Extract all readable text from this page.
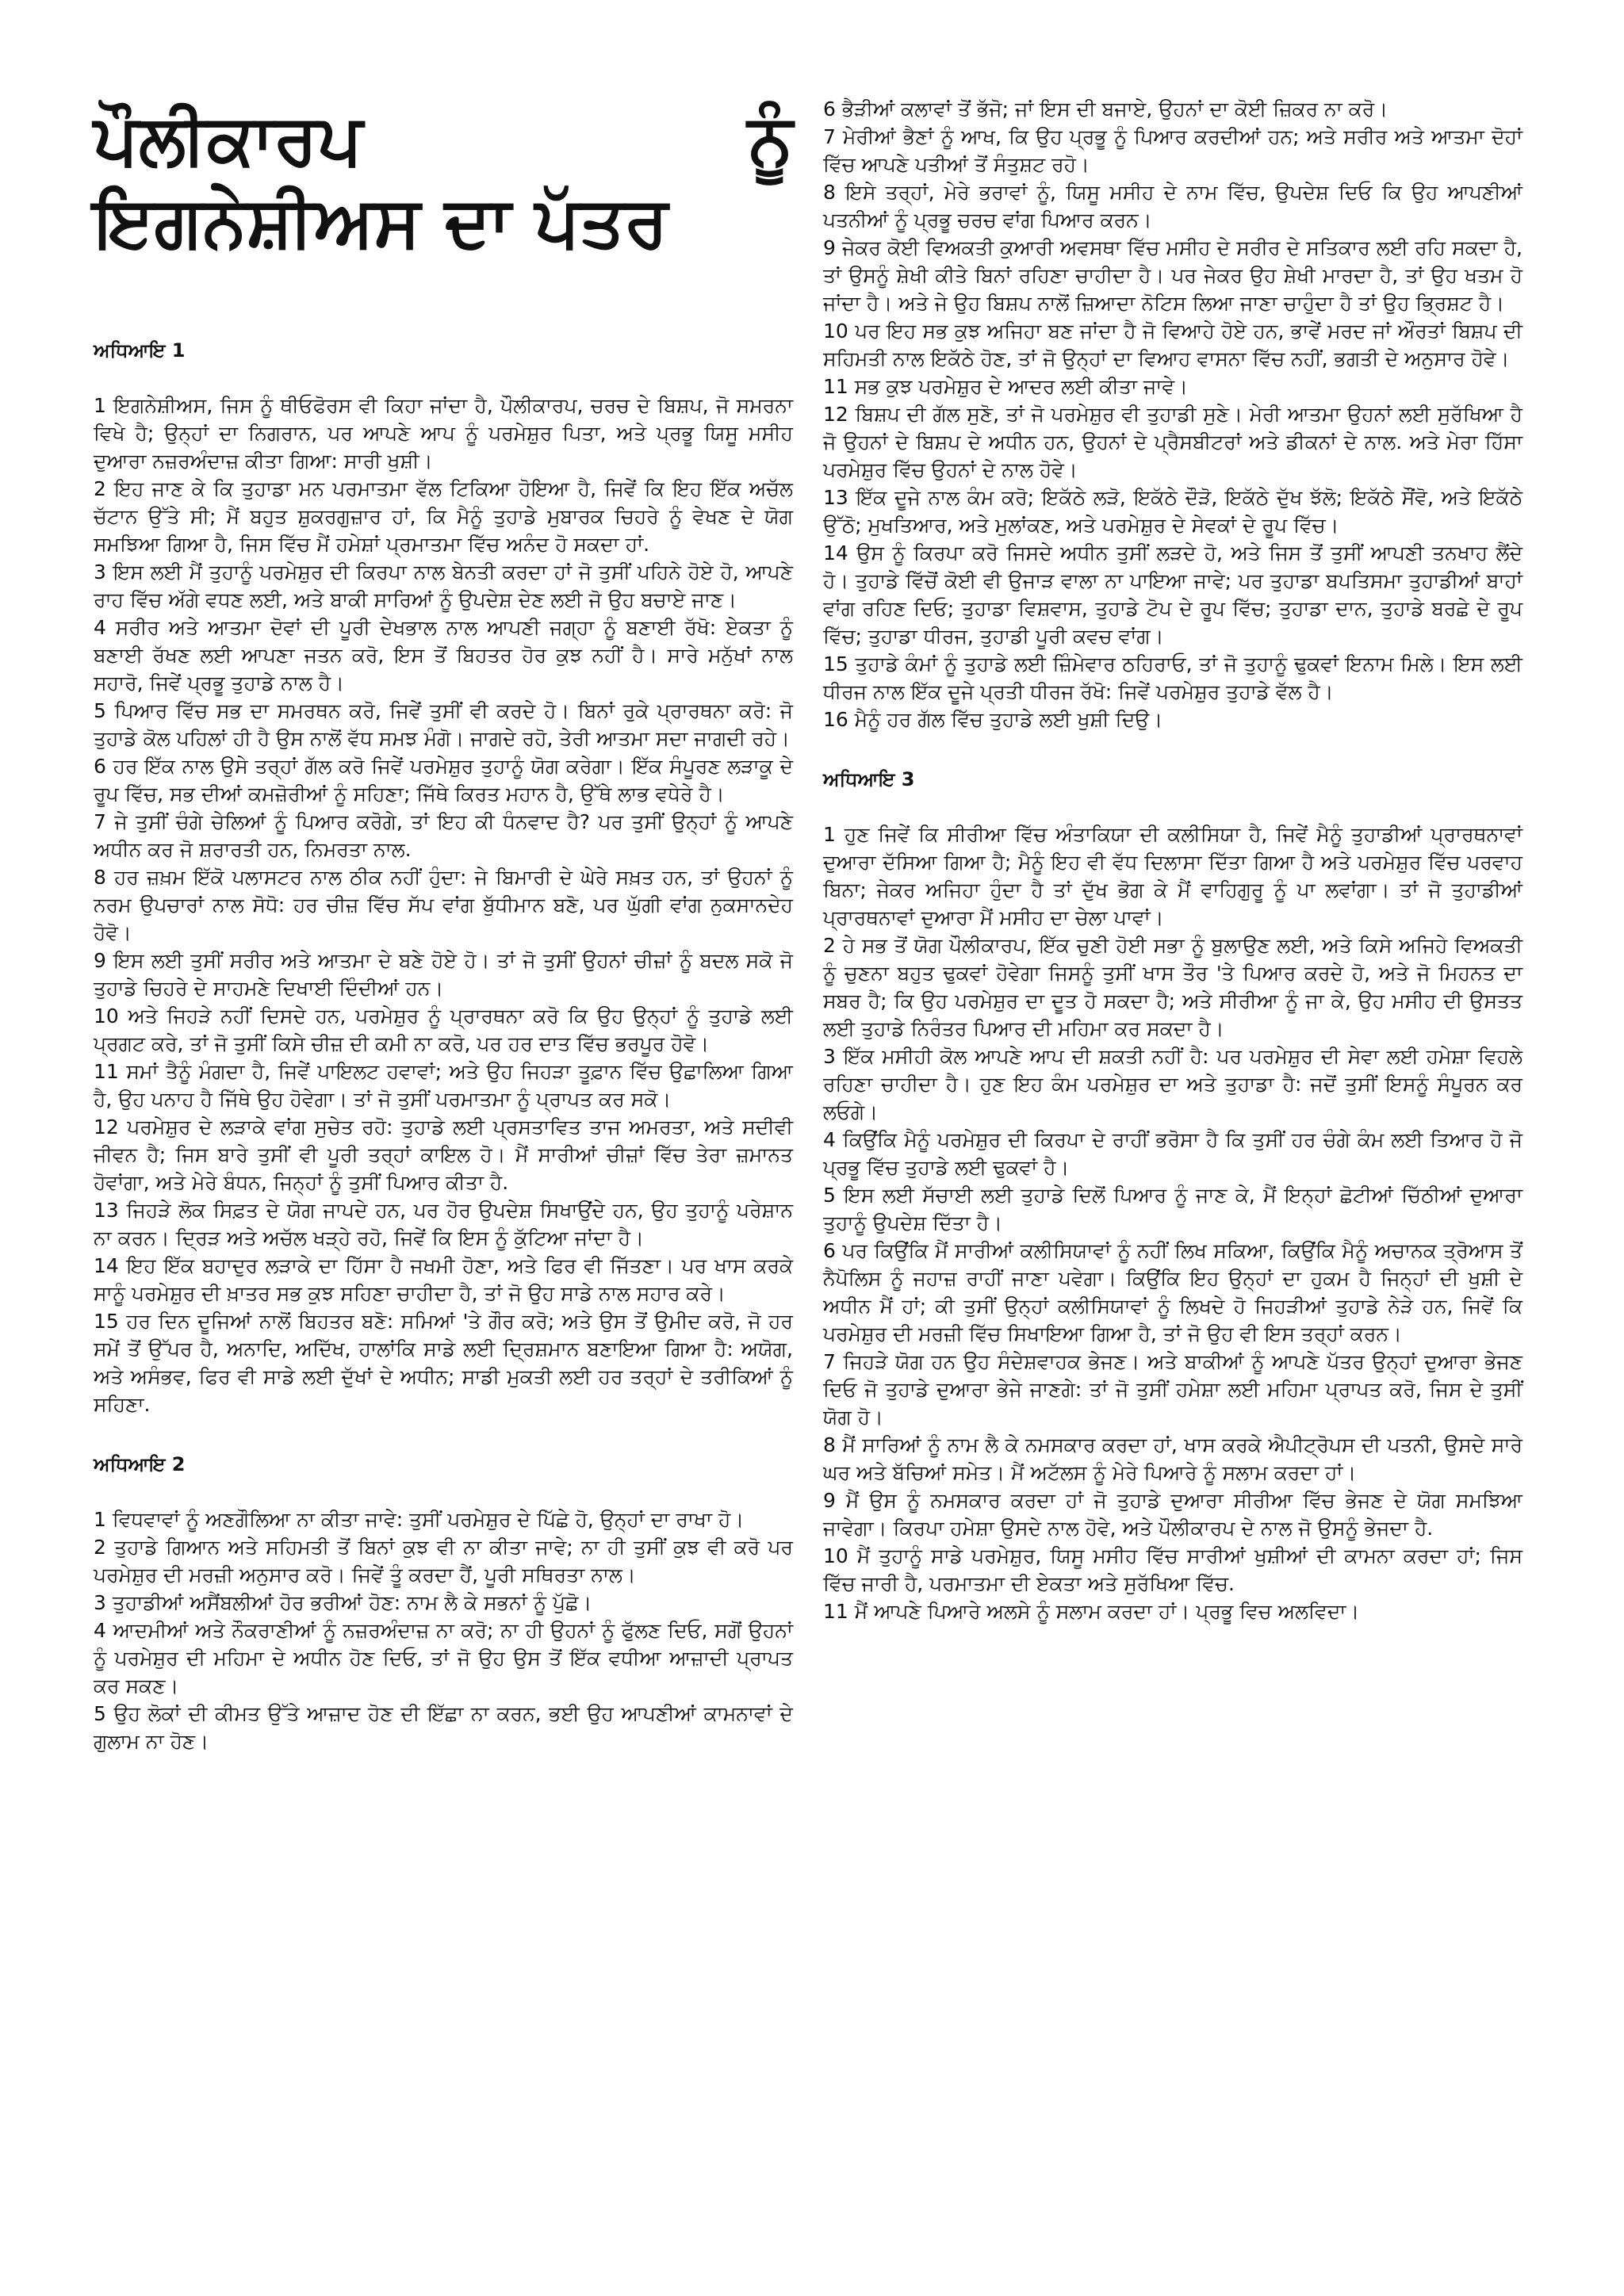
ਪੌਲੀਕਾਰਪ	ਨੂੰ
ਇਗਨੇਸ਼ੀਅਸ ਦਾ ਪੱਤਰ
ਅਧਿਆਇ 1

1 ਇਗਨੇਸ਼ੀਅਸ, ਜਿਸ ਨੂੰ ਥੀਓਫੋਰਸ ਵੀ ਕਿਹਾ ਜਾਂਦਾ ਹੈ, ਪੌਲੀਕਾਰਪ, ਚਰਚ ਦੇ ਬਿਸ਼ਪ, ਜੋ ਸਮਰਨਾ ਵਿਖੇ ਹੈ; ਉਨ੍ਹਾਂ ਦਾ ਨਿਗਰਾਨ, ਪਰ ਆਪਣੇ ਆਪ ਨੂੰ ਪਰਮੇਸ਼ੁਰ ਪਿਤਾ, ਅਤੇ ਪ੍ਰਭੂ ਯਿਸੂ ਮਸੀਹ ਦੁਆਰਾ ਨਜ਼ਰਅੰਦਾਜ਼ ਕੀਤਾ ਗਿਆ: ਸਾਰੀ ਖੁਸ਼ੀ।

2 ਇਹ ਜਾਣ ਕੇ ਕਿ ਤੁਹਾਡਾ ਮਨ ਪਰਮਾਤਮਾ ਵੱਲ ਟਿਕਿਆ ਹੋਇਆ ਹੈ, ਜਿਵੇਂ ਕਿ ਇਹ ਇੱਕ ਅਚੱਲ ਚੱਟਾਨ ਉੱਤੇ ਸੀ; ਮੈਂ ਬਹੁਤ ਸ਼ੁਕਰਗੁਜ਼ਾਰ ਹਾਂ, ਕਿ ਮੈਨੂੰ ਤੁਹਾਡੇ ਮੁਬਾਰਕ ਚਿਹਰੇ ਨੂੰ ਵੇਖਣ ਦੇ ਯੋਗ ਸਮਝਿਆ ਗਿਆ ਹੈ, ਜਿਸ ਵਿੱਚ ਮੈਂ ਹਮੇਸ਼ਾਂ ਪ੍ਰਮਾਤਮਾ ਵਿੱਚ ਅਨੰਦ ਹੋ ਸਕਦਾ ਹਾਂ.

3 ਇਸ ਲਈ ਮੈਂ ਤੁਹਾਨੂੰ ਪਰਮੇਸ਼ੁਰ ਦੀ ਕਿਰਪਾ ਨਾਲ ਬੇਨਤੀ ਕਰਦਾ ਹਾਂ ਜੋ ਤੁਸੀਂ ਪਹਿਨੇ ਹੋਏ ਹੋ, ਆਪਣੇ ਰਾਹ ਵਿੱਚ ਅੱਗੇ ਵਧਣ ਲਈ, ਅਤੇ ਬਾਕੀ ਸਾਰਿਆਂ ਨੂੰ ਉਪਦੇਸ਼ ਦੇਣ ਲਈ ਜੋ ਉਹ ਬਚਾਏ ਜਾਣ।

4 ਸਰੀਰ ਅਤੇ ਆਤਮਾ ਦੋਵਾਂ ਦੀ ਪੂਰੀ ਦੇਖਭਾਲ ਨਾਲ ਆਪਣੀ ਜਗ੍ਹਾ ਨੂੰ ਬਣਾਈ ਰੱਖੋ: ਏਕਤਾ ਨੂੰ ਬਣਾਈ ਰੱਖਣ ਲਈ ਆਪਣਾ ਜਤਨ ਕਰੋ, ਇਸ ਤੋਂ ਬਿਹਤਰ ਹੋਰ ਕੁਝ ਨਹੀਂ ਹੈ। ਸਾਰੇ ਮਨੁੱਖਾਂ ਨਾਲ ਸਹਾਰੋ, ਜਿਵੇਂ ਪ੍ਰਭੂ ਤੁਹਾਡੇ ਨਾਲ ਹੈ।

5 ਪਿਆਰ ਵਿੱਚ ਸਭ ਦਾ ਸਮਰਥਨ ਕਰੋ, ਜਿਵੇਂ ਤੁਸੀਂ ਵੀ ਕਰਦੇ ਹੋ। ਬਿਨਾਂ ਰੁਕੇ ਪ੍ਰਾਰਥਨਾ ਕਰੋ: ਜੋ ਤੁਹਾਡੇ ਕੋਲ ਪਹਿਲਾਂ ਹੀ ਹੈ ਉਸ ਨਾਲੋਂ ਵੱਧ ਸਮਝ ਮੰਗੋ। ਜਾਗਦੇ ਰਹੋ, ਤੇਰੀ ਆਤਮਾ ਸਦਾ ਜਾਗਦੀ ਰਹੇ।

6 ਹਰ ਇੱਕ ਨਾਲ ਉਸੇ ਤਰ੍ਹਾਂ ਗੱਲ ਕਰੋ ਜਿਵੇਂ ਪਰਮੇਸ਼ੁਰ ਤੁਹਾਨੂੰ ਯੋਗ ਕਰੇਗਾ। ਇੱਕ ਸੰਪੂਰਣ ਲੜਾਕੂ ਦੇ ਰੂਪ ਵਿੱਚ, ਸਭ ਦੀਆਂ ਕਮਜ਼ੋਰੀਆਂ ਨੂੰ ਸਹਿਣਾ; ਜਿੱਥੇ ਕਿਰਤ ਮਹਾਨ ਹੈ, ਉੱਥੇ ਲਾਭ ਵਧੇਰੇ ਹੈ।

7 ਜੇ ਤੁਸੀਂ ਚੰਗੇ ਚੇਲਿਆਂ ਨੂੰ ਪਿਆਰ ਕਰੋਗੇ, ਤਾਂ ਇਹ ਕੀ ਧੰਨਵਾਦ ਹੈ? ਪਰ ਤੁਸੀਂ ਉਨ੍ਹਾਂ ਨੂੰ ਆਪਣੇ ਅਧੀਨ ਕਰ ਜੋ ਸ਼ਰਾਰਤੀ ਹਨ, ਨਿਮਰਤਾ ਨਾਲ.

8 ਹਰ ਜ਼ਖ਼ਮ ਇੱਕੋ ਪਲਾਸਟਰ ਨਾਲ ਠੀਕ ਨਹੀਂ ਹੁੰਦਾ: ਜੇ ਬਿਮਾਰੀ ਦੇ ਘੇਰੇ ਸਖ਼ਤ ਹਨ, ਤਾਂ ਉਹਨਾਂ ਨੂੰ ਨਰਮ ਉਪਚਾਰਾਂ ਨਾਲ ਸੋਧੋ: ਹਰ ਚੀਜ਼ ਵਿੱਚ ਸੱਪ ਵਾਂਗ ਬੁੱਧੀਮਾਨ ਬਣੋ, ਪਰ ਘੁੱਗੀ ਵਾਂਗ ਨੁਕਸਾਨਦੇਹ ਹੋਵੋ।

9 ਇਸ ਲਈ ਤੁਸੀਂ ਸਰੀਰ ਅਤੇ ਆਤਮਾ ਦੇ ਬਣੇ ਹੋਏ ਹੋ। ਤਾਂ ਜੋ ਤੁਸੀਂ ਉਹਨਾਂ ਚੀਜ਼ਾਂ ਨੂੰ ਬਦਲ ਸਕੋ ਜੋ ਤੁਹਾਡੇ ਚਿਹਰੇ ਦੇ ਸਾਹਮਣੇ ਦਿਖਾਈ ਦਿੰਦੀਆਂ ਹਨ।

10 ਅਤੇ ਜਿਹੜੇ ਨਹੀਂ ਦਿਸਦੇ ਹਨ, ਪਰਮੇਸ਼ੁਰ ਨੂੰ ਪ੍ਰਾਰਥਨਾ ਕਰੋ ਕਿ ਉਹ ਉਨ੍ਹਾਂ ਨੂੰ ਤੁਹਾਡੇ ਲਈ ਪ੍ਰਗਟ ਕਰੇ, ਤਾਂ ਜੋ ਤੁਸੀਂ ਕਿਸੇ ਚੀਜ਼ ਦੀ ਕਮੀ ਨਾ ਕਰੋ, ਪਰ ਹਰ ਦਾਤ ਵਿੱਚ ਭਰਪੂਰ ਹੋਵੋ।

11 ਸਮਾਂ ਤੈਨੂੰ ਮੰਗਦਾ ਹੈ, ਜਿਵੇਂ ਪਾਇਲਟ ਹਵਾਵਾਂ; ਅਤੇ ਉਹ ਜਿਹੜਾ ਤੂਫ਼ਾਨ ਵਿੱਚ ਉਛਾਲਿਆ ਗਿਆ ਹੈ, ਉਹ ਪਨਾਹ ਹੈ ਜਿੱਥੇ ਉਹ ਹੋਵੇਗਾ। ਤਾਂ ਜੋ ਤੁਸੀਂ ਪਰਮਾਤਮਾ ਨੂੰ ਪ੍ਰਾਪਤ ਕਰ ਸਕੋ।

12 ਪਰਮੇਸ਼ੁਰ ਦੇ ਲੜਾਕੇ ਵਾਂਗ ਸੁਚੇਤ ਰਹੋ: ਤੁਹਾਡੇ ਲਈ ਪ੍ਰਸਤਾਵਿਤ ਤਾਜ ਅਮਰਤਾ, ਅਤੇ ਸਦੀਵੀ ਜੀਵਨ ਹੈ; ਜਿਸ ਬਾਰੇ ਤੁਸੀਂ ਵੀ ਪੂਰੀ ਤਰ੍ਹਾਂ ਕਾਇਲ ਹੋ। ਮੈਂ ਸਾਰੀਆਂ ਚੀਜ਼ਾਂ ਵਿੱਚ ਤੇਰਾ ਜ਼ਮਾਨਤ ਹੋਵਾਂਗਾ, ਅਤੇ ਮੇਰੇ ਬੰਧਨ, ਜਿਨ੍ਹਾਂ ਨੂੰ ਤੁਸੀਂ ਪਿਆਰ ਕੀਤਾ ਹੈ.

13 ਜਿਹੜੇ ਲੋਕ ਸਿਫ਼ਤ ਦੇ ਯੋਗ ਜਾਪਦੇ ਹਨ, ਪਰ ਹੋਰ ਉਪਦੇਸ਼ ਸਿਖਾਉਂਦੇ ਹਨ, ਉਹ ਤੁਹਾਨੂੰ ਪਰੇਸ਼ਾਨ ਨਾ ਕਰਨ। ਦ੍ਰਿੜ ਅਤੇ ਅਚੱਲ ਖੜ੍ਹੇ ਰਹੋ, ਜਿਵੇਂ ਕਿ ਇਸ ਨੂੰ ਕੁੱਟਿਆ ਜਾਂਦਾ ਹੈ।

14 ਇਹ ਇੱਕ ਬਹਾਦੁਰ ਲੜਾਕੇ ਦਾ ਹਿੱਸਾ ਹੈ ਜਖਮੀ ਹੋਣਾ, ਅਤੇ ਫਿਰ ਵੀ ਜਿੱਤਣਾ। ਪਰ ਖਾਸ ਕਰਕੇ ਸਾਨੂੰ ਪਰਮੇਸ਼ੁਰ ਦੀ ਖ਼ਾਤਰ ਸਭ ਕੁਝ ਸਹਿਣਾ ਚਾਹੀਦਾ ਹੈ, ਤਾਂ ਜੋ ਉਹ ਸਾਡੇ ਨਾਲ ਸਹਾਰ ਕਰੇ।

15 ਹਰ ਦਿਨ ਦੂਜਿਆਂ ਨਾਲੋਂ ਬਿਹਤਰ ਬਣੋ: ਸਮਿਆਂ 'ਤੇ ਗੌਰ ਕਰੋ; ਅਤੇ ਉਸ ਤੋਂ ਉਮੀਦ ਕਰੋ, ਜੋ ਹਰ ਸਮੇਂ ਤੋਂ ਉੱਪਰ ਹੈ, ਅਨਾਦਿ, ਅਦਿੱਖ, ਹਾਲਾਂਕਿ ਸਾਡੇ ਲਈ ਦ੍ਰਿਸ਼ਮਾਨ ਬਣਾਇਆ ਗਿਆ ਹੈ: ਅਯੋਗ, ਅਤੇ ਅਸੰਭਵ, ਫਿਰ ਵੀ ਸਾਡੇ ਲਈ ਦੁੱਖਾਂ ਦੇ ਅਧੀਨ; ਸਾਡੀ ਮੁਕਤੀ ਲਈ ਹਰ ਤਰ੍ਹਾਂ ਦੇ ਤਰੀਕਿਆਂ ਨੂੰ ਸਹਿਣਾ.

ਅਧਿਆਇ 2

1 ਵਿਧਵਾਵਾਂ ਨੂੰ ਅਣਗੌਲਿਆ ਨਾ ਕੀਤਾ ਜਾਵੇ: ਤੁਸੀਂ ਪਰਮੇਸ਼ੁਰ ਦੇ ਪਿੱਛੇ ਹੋ, ਉਨ੍ਹਾਂ ਦਾ ਰਾਖਾ ਹੋ।

2 ਤੁਹਾਡੇ ਗਿਆਨ ਅਤੇ ਸਹਿਮਤੀ ਤੋਂ ਬਿਨਾਂ ਕੁਝ ਵੀ ਨਾ ਕੀਤਾ ਜਾਵੇ; ਨਾ ਹੀ ਤੁਸੀਂ ਕੁਝ ਵੀ ਕਰੋ ਪਰ ਪਰਮੇਸ਼ੁਰ ਦੀ ਮਰਜ਼ੀ ਅਨੁਸਾਰ ਕਰੋ। ਜਿਵੇਂ ਤੂੰ ਕਰਦਾ ਹੈਂ, ਪੂਰੀ ਸਥਿਰਤਾ ਨਾਲ।

3 ਤੁਹਾਡੀਆਂ ਅਸੈਂਬਲੀਆਂ ਹੋਰ ਭਰੀਆਂ ਹੋਣ: ਨਾਮ ਲੈ ਕੇ ਸਭਨਾਂ ਨੂੰ ਪੁੱਛੋ।

4 ਆਦਮੀਆਂ ਅਤੇ ਨੌਕਰਾਣੀਆਂ ਨੂੰ ਨਜ਼ਰਅੰਦਾਜ਼ ਨਾ ਕਰੋ; ਨਾ ਹੀ ਉਹਨਾਂ ਨੂੰ ਫੁੱਲਣ ਦਿਓ, ਸਗੋਂ ਉਹਨਾਂ ਨੂੰ ਪਰਮੇਸ਼ੁਰ ਦੀ ਮਹਿਮਾ ਦੇ ਅਧੀਨ ਹੋਣ ਦਿਓ, ਤਾਂ ਜੋ ਉਹ ਉਸ ਤੋਂ ਇੱਕ ਵਧੀਆ ਆਜ਼ਾਦੀ ਪ੍ਰਾਪਤ ਕਰ ਸਕਣ।

5 ਉਹ ਲੋਕਾਂ ਦੀ ਕੀਮਤ ਉੱਤੇ ਆਜ਼ਾਦ ਹੋਣ ਦੀ ਇੱਛਾ ਨਾ ਕਰਨ, ਭਈ ਉਹ ਆਪਣੀਆਂ ਕਾਮਨਾਵਾਂ ਦੇ ਗੁਲਾਮ ਨਾ ਹੋਣ।

6 ਭੈੜੀਆਂ ਕਲਾਵਾਂ ਤੋਂ ਭੱਜੋ; ਜਾਂ ਇਸ ਦੀ ਬਜਾਏ, ਉਹਨਾਂ ਦਾ ਕੋਈ ਜ਼ਿਕਰ ਨਾ ਕਰੋ।

7 ਮੇਰੀਆਂ ਭੈਣਾਂ ਨੂੰ ਆਖ, ਕਿ ਉਹ ਪ੍ਰਭੂ ਨੂੰ ਪਿਆਰ ਕਰਦੀਆਂ ਹਨ; ਅਤੇ ਸਰੀਰ ਅਤੇ ਆਤਮਾ ਦੋਹਾਂ ਵਿੱਚ ਆਪਣੇ ਪਤੀਆਂ ਤੋਂ ਸੰਤੁਸ਼ਟ ਰਹੋ।

8 ਇਸੇ ਤਰ੍ਹਾਂ, ਮੇਰੇ ਭਰਾਵਾਂ ਨੂੰ, ਯਿਸੂ ਮਸੀਹ ਦੇ ਨਾਮ ਵਿੱਚ, ਉਪਦੇਸ਼ ਦਿਓ ਕਿ ਉਹ ਆਪਣੀਆਂ ਪਤਨੀਆਂ ਨੂੰ ਪ੍ਰਭੂ ਚਰਚ ਵਾਂਗ ਪਿਆਰ ਕਰਨ।

9 ਜੇਕਰ ਕੋਈ ਵਿਅਕਤੀ ਕੁਆਰੀ ਅਵਸਥਾ ਵਿੱਚ ਮਸੀਹ ਦੇ ਸਰੀਰ ਦੇ ਸਤਿਕਾਰ ਲਈ ਰਹਿ ਸਕਦਾ ਹੈ, ਤਾਂ ਉਸਨੂੰ ਸ਼ੇਖੀ ਕੀਤੇ ਬਿਨਾਂ ਰਹਿਣਾ ਚਾਹੀਦਾ ਹੈ। ਪਰ ਜੇਕਰ ਉਹ ਸ਼ੇਖੀ ਮਾਰਦਾ ਹੈ, ਤਾਂ ਉਹ ਖਤਮ ਹੋ ਜਾਂਦਾ ਹੈ। ਅਤੇ ਜੇ ਉਹ ਬਿਸ਼ਪ ਨਾਲੋਂ ਜ਼ਿਆਦਾ ਨੋਟਿਸ ਲਿਆ ਜਾਣਾ ਚਾਹੁੰਦਾ ਹੈ ਤਾਂ ਉਹ ਭ੍ਰਿਸ਼ਟ ਹੈ।

10 ਪਰ ਇਹ ਸਭ ਕੁਝ ਅਜਿਹਾ ਬਣ ਜਾਂਦਾ ਹੈ ਜੋ ਵਿਆਹੇ ਹੋਏ ਹਨ, ਭਾਵੇਂ ਮਰਦ ਜਾਂ ਔਰਤਾਂ ਬਿਸ਼ਪ ਦੀ ਸਹਿਮਤੀ ਨਾਲ ਇਕੱਠੇ ਹੋਣ, ਤਾਂ ਜੋ ਉਨ੍ਹਾਂ ਦਾ ਵਿਆਹ ਵਾਸਨਾ ਵਿੱਚ ਨਹੀਂ, ਭਗਤੀ ਦੇ ਅਨੁਸਾਰ ਹੋਵੇ।

11 ਸਭ ਕੁਝ ਪਰਮੇਸ਼ੁਰ ਦੇ ਆਦਰ ਲਈ ਕੀਤਾ ਜਾਵੇ।

12 ਬਿਸ਼ਪ ਦੀ ਗੱਲ ਸੁਣੋ, ਤਾਂ ਜੋ ਪਰਮੇਸ਼ੁਰ ਵੀ ਤੁਹਾਡੀ ਸੁਣੇ। ਮੇਰੀ ਆਤਮਾ ਉਹਨਾਂ ਲਈ ਸੁਰੱਖਿਆ ਹੈ ਜੋ ਉਹਨਾਂ ਦੇ ਬਿਸ਼ਪ ਦੇ ਅਧੀਨ ਹਨ, ਉਹਨਾਂ ਦੇ ਪ੍ਰੈਸਬੀਟਰਾਂ ਅਤੇ ਡੀਕਨਾਂ ਦੇ ਨਾਲ. ਅਤੇ ਮੇਰਾ ਹਿੱਸਾ ਪਰਮੇਸ਼ੁਰ ਵਿੱਚ ਉਹਨਾਂ ਦੇ ਨਾਲ ਹੋਵੇ।

13 ਇੱਕ ਦੂਜੇ ਨਾਲ ਕੰਮ ਕਰੋ; ਇਕੱਠੇ ਲੜੋ, ਇਕੱਠੇ ਦੌੜੋ, ਇਕੱਠੇ ਦੁੱਖ ਝੱਲੋ; ਇਕੱਠੇ ਸੌਂਵੋ, ਅਤੇ ਇਕੱਠੇ ਉੱਠੋ; ਮੁਖਤਿਆਰ, ਅਤੇ ਮੁਲਾਂਕਣ, ਅਤੇ ਪਰਮੇਸ਼ੁਰ ਦੇ ਸੇਵਕਾਂ ਦੇ ਰੂਪ ਵਿੱਚ।

14 ਉਸ ਨੂੰ ਕਿਰਪਾ ਕਰੋ ਜਿਸਦੇ ਅਧੀਨ ਤੁਸੀਂ ਲੜਦੇ ਹੋ, ਅਤੇ ਜਿਸ ਤੋਂ ਤੁਸੀਂ ਆਪਣੀ ਤਨਖਾਹ ਲੈਂਦੇ ਹੋ। ਤੁਹਾਡੇ ਵਿੱਚੋਂ ਕੋਈ ਵੀ ਉਜਾੜ ਵਾਲਾ ਨਾ ਪਾਇਆ ਜਾਵੇ; ਪਰ ਤੁਹਾਡਾ ਬਪਤਿਸਮਾ ਤੁਹਾਡੀਆਂ ਬਾਹਾਂ ਵਾਂਗ ਰਹਿਣ ਦਿਓ; ਤੁਹਾਡਾ ਵਿਸ਼ਵਾਸ, ਤੁਹਾਡੇ ਟੋਪ ਦੇ ਰੂਪ ਵਿੱਚ; ਤੁਹਾਡਾ ਦਾਨ, ਤੁਹਾਡੇ ਬਰਛੇ ਦੇ ਰੂਪ ਵਿੱਚ; ਤੁਹਾਡਾ ਧੀਰਜ, ਤੁਹਾਡੀ ਪੂਰੀ ਕਵਚ ਵਾਂਗ।

15 ਤੁਹਾਡੇ ਕੰਮਾਂ ਨੂੰ ਤੁਹਾਡੇ ਲਈ ਜ਼ਿੰਮੇਵਾਰ ਠਹਿਰਾਓ, ਤਾਂ ਜੋ ਤੁਹਾਨੂੰ ਢੁਕਵਾਂ ਇਨਾਮ ਮਿਲੇ। ਇਸ ਲਈ ਧੀਰਜ ਨਾਲ ਇੱਕ ਦੂਜੇ ਪ੍ਰਤੀ ਧੀਰਜ ਰੱਖੋ: ਜਿਵੇਂ ਪਰਮੇਸ਼ੁਰ ਤੁਹਾਡੇ ਵੱਲ ਹੈ।

16 ਮੈਨੂੰ ਹਰ ਗੱਲ ਵਿੱਚ ਤੁਹਾਡੇ ਲਈ ਖੁਸ਼ੀ ਦਿਉ।

ਅਧਿਆਇ 3

1 ਹੁਣ ਜਿਵੇਂ ਕਿ ਸੀਰੀਆ ਵਿੱਚ ਅੰਤਾਕਿਯਾ ਦੀ ਕਲੀਸਿਯਾ ਹੈ, ਜਿਵੇਂ ਮੈਨੂੰ ਤੁਹਾਡੀਆਂ ਪ੍ਰਾਰਥਨਾਵਾਂ ਦੁਆਰਾ ਦੱਸਿਆ ਗਿਆ ਹੈ; ਮੈਨੂੰ ਇਹ ਵੀ ਵੱਧ ਦਿਲਾਸਾ ਦਿੱਤਾ ਗਿਆ ਹੈ ਅਤੇ ਪਰਮੇਸ਼ੁਰ ਵਿੱਚ ਪਰਵਾਹ ਬਿਨਾ; ਜੇਕਰ ਅਜਿਹਾ ਹੁੰਦਾ ਹੈ ਤਾਂ ਦੁੱਖ ਭੋਗ ਕੇ ਮੈਂ ਵਾਹਿਗੁਰੂ ਨੂੰ ਪਾ ਲਵਾਂਗਾ। ਤਾਂ ਜੋ ਤੁਹਾਡੀਆਂ ਪ੍ਰਾਰਥਨਾਵਾਂ ਦੁਆਰਾ ਮੈਂ ਮਸੀਹ ਦਾ ਚੇਲਾ ਪਾਵਾਂ।

2 ਹੇ ਸਭ ਤੋਂ ਯੋਗ ਪੌਲੀਕਾਰਪ, ਇੱਕ ਚੁਣੀ ਹੋਈ ਸਭਾ ਨੂੰ ਬੁਲਾਉਣ ਲਈ, ਅਤੇ ਕਿਸੇ ਅਜਿਹੇ ਵਿਅਕਤੀ ਨੂੰ ਚੁਣਨਾ ਬਹੁਤ ਢੁਕਵਾਂ ਹੋਵੇਗਾ ਜਿਸਨੂੰ ਤੁਸੀਂ ਖਾਸ ਤੌਰ 'ਤੇ ਪਿਆਰ ਕਰਦੇ ਹੋ, ਅਤੇ ਜੋ ਮਿਹਨਤ ਦਾ ਸਬਰ ਹੈ; ਕਿ ਉਹ ਪਰਮੇਸ਼ੁਰ ਦਾ ਦੂਤ ਹੋ ਸਕਦਾ ਹੈ; ਅਤੇ ਸੀਰੀਆ ਨੂੰ ਜਾ ਕੇ, ਉਹ ਮਸੀਹ ਦੀ ਉਸਤਤ ਲਈ ਤੁਹਾਡੇ ਨਿਰੰਤਰ ਪਿਆਰ ਦੀ ਮਹਿਮਾ ਕਰ ਸਕਦਾ ਹੈ।

3 ਇੱਕ ਮਸੀਹੀ ਕੋਲ ਆਪਣੇ ਆਪ ਦੀ ਸ਼ਕਤੀ ਨਹੀਂ ਹੈ: ਪਰ ਪਰਮੇਸ਼ੁਰ ਦੀ ਸੇਵਾ ਲਈ ਹਮੇਸ਼ਾ ਵਿਹਲੇ ਰਹਿਣਾ ਚਾਹੀਦਾ ਹੈ। ਹੁਣ ਇਹ ਕੰਮ ਪਰਮੇਸ਼ੁਰ ਦਾ ਅਤੇ ਤੁਹਾਡਾ ਹੈ: ਜਦੋਂ ਤੁਸੀਂ ਇਸਨੂੰ ਸੰਪੂਰਨ ਕਰ ਲਓਗੇ।

4 ਕਿਉਂਕਿ ਮੈਨੂੰ ਪਰਮੇਸ਼ੁਰ ਦੀ ਕਿਰਪਾ ਦੇ ਰਾਹੀਂ ਭਰੋਸਾ ਹੈ ਕਿ ਤੁਸੀਂ ਹਰ ਚੰਗੇ ਕੰਮ ਲਈ ਤਿਆਰ ਹੋ ਜੋ ਪ੍ਰਭੂ ਵਿੱਚ ਤੁਹਾਡੇ ਲਈ ਢੁਕਵਾਂ ਹੈ।

5 ਇਸ ਲਈ ਸੱਚਾਈ ਲਈ ਤੁਹਾਡੇ ਦਿਲੋਂ ਪਿਆਰ ਨੂੰ ਜਾਣ ਕੇ, ਮੈਂ ਇਨ੍ਹਾਂ ਛੋਟੀਆਂ ਚਿੱਠੀਆਂ ਦੁਆਰਾ ਤੁਹਾਨੂੰ ਉਪਦੇਸ਼ ਦਿੱਤਾ ਹੈ।

6 ਪਰ ਕਿਉਂਕਿ ਮੈਂ ਸਾਰੀਆਂ ਕਲੀਸਿਯਾਵਾਂ ਨੂੰ ਨਹੀਂ ਲਿਖ ਸਕਿਆ, ਕਿਉਂਕਿ ਮੈਨੂੰ ਅਚਾਨਕ ਤ੍ਰੋਆਸ ਤੋਂ ਨੈਪੋਲਿਸ ਨੂੰ ਜਹਾਜ਼ ਰਾਹੀਂ ਜਾਣਾ ਪਵੇਗਾ। ਕਿਉਂਕਿ ਇਹ ਉਨ੍ਹਾਂ ਦਾ ਹੁਕਮ ਹੈ ਜਿਨ੍ਹਾਂ ਦੀ ਖੁਸ਼ੀ ਦੇ ਅਧੀਨ ਮੈਂ ਹਾਂ; ਕੀ ਤੁਸੀਂ ਉਨ੍ਹਾਂ ਕਲੀਸਿਯਾਵਾਂ ਨੂੰ ਲਿਖਦੇ ਹੋ ਜਿਹੜੀਆਂ ਤੁਹਾਡੇ ਨੇੜੇ ਹਨ, ਜਿਵੇਂ ਕਿ ਪਰਮੇਸ਼ੁਰ ਦੀ ਮਰਜ਼ੀ ਵਿੱਚ ਸਿਖਾਇਆ ਗਿਆ ਹੈ, ਤਾਂ ਜੋ ਉਹ ਵੀ ਇਸ ਤਰ੍ਹਾਂ ਕਰਨ।

7 ਜਿਹੜੇ ਯੋਗ ਹਨ ਉਹ ਸੰਦੇਸ਼ਵਾਹਕ ਭੇਜਣ। ਅਤੇ ਬਾਕੀਆਂ ਨੂੰ ਆਪਣੇ ਪੱਤਰ ਉਨ੍ਹਾਂ ਦੁਆਰਾ ਭੇਜਣ ਦਿਓ ਜੋ ਤੁਹਾਡੇ ਦੁਆਰਾ ਭੇਜੇ ਜਾਣਗੇ: ਤਾਂ ਜੋ ਤੁਸੀਂ ਹਮੇਸ਼ਾ ਲਈ ਮਹਿਮਾ ਪ੍ਰਾਪਤ ਕਰੋ, ਜਿਸ ਦੇ ਤੁਸੀਂ ਯੋਗ ਹੋ।

8 ਮੈਂ ਸਾਰਿਆਂ ਨੂੰ ਨਾਮ ਲੈ ਕੇ ਨਮਸਕਾਰ ਕਰਦਾ ਹਾਂ, ਖਾਸ ਕਰਕੇ ਐਪੀਟ੍ਰੋਪਸ ਦੀ ਪਤਨੀ, ਉਸਦੇ ਸਾਰੇ ਘਰ ਅਤੇ ਬੱਚਿਆਂ ਸਮੇਤ। ਮੈਂ ਅਟੱਲਸ ਨੂੰ ਮੇਰੇ ਪਿਆਰੇ ਨੂੰ ਸਲਾਮ ਕਰਦਾ ਹਾਂ।

9 ਮੈਂ ਉਸ ਨੂੰ ਨਮਸਕਾਰ ਕਰਦਾ ਹਾਂ ਜੋ ਤੁਹਾਡੇ ਦੁਆਰਾ ਸੀਰੀਆ ਵਿੱਚ ਭੇਜਣ ਦੇ ਯੋਗ ਸਮਝਿਆ ਜਾਵੇਗਾ। ਕਿਰਪਾ ਹਮੇਸ਼ਾ ਉਸਦੇ ਨਾਲ ਹੋਵੇ, ਅਤੇ ਪੌਲੀਕਾਰਪ ਦੇ ਨਾਲ ਜੋ ਉਸਨੂੰ ਭੇਜਦਾ ਹੈ.

10 ਮੈਂ ਤੁਹਾਨੂੰ ਸਾਡੇ ਪਰਮੇਸ਼ੁਰ, ਯਿਸੂ ਮਸੀਹ ਵਿੱਚ ਸਾਰੀਆਂ ਖੁਸ਼ੀਆਂ ਦੀ ਕਾਮਨਾ ਕਰਦਾ ਹਾਂ; ਜਿਸ ਵਿੱਚ ਜਾਰੀ ਹੈ, ਪਰਮਾਤਮਾ ਦੀ ਏਕਤਾ ਅਤੇ ਸੁਰੱਖਿਆ ਵਿੱਚ.

11 ਮੈਂ ਆਪਣੇ ਪਿਆਰੇ ਅਲਸੇ ਨੂੰ ਸਲਾਮ ਕਰਦਾ ਹਾਂ। ਪ੍ਰਭੂ ਵਿਚ ਅਲਵਿਦਾ।
